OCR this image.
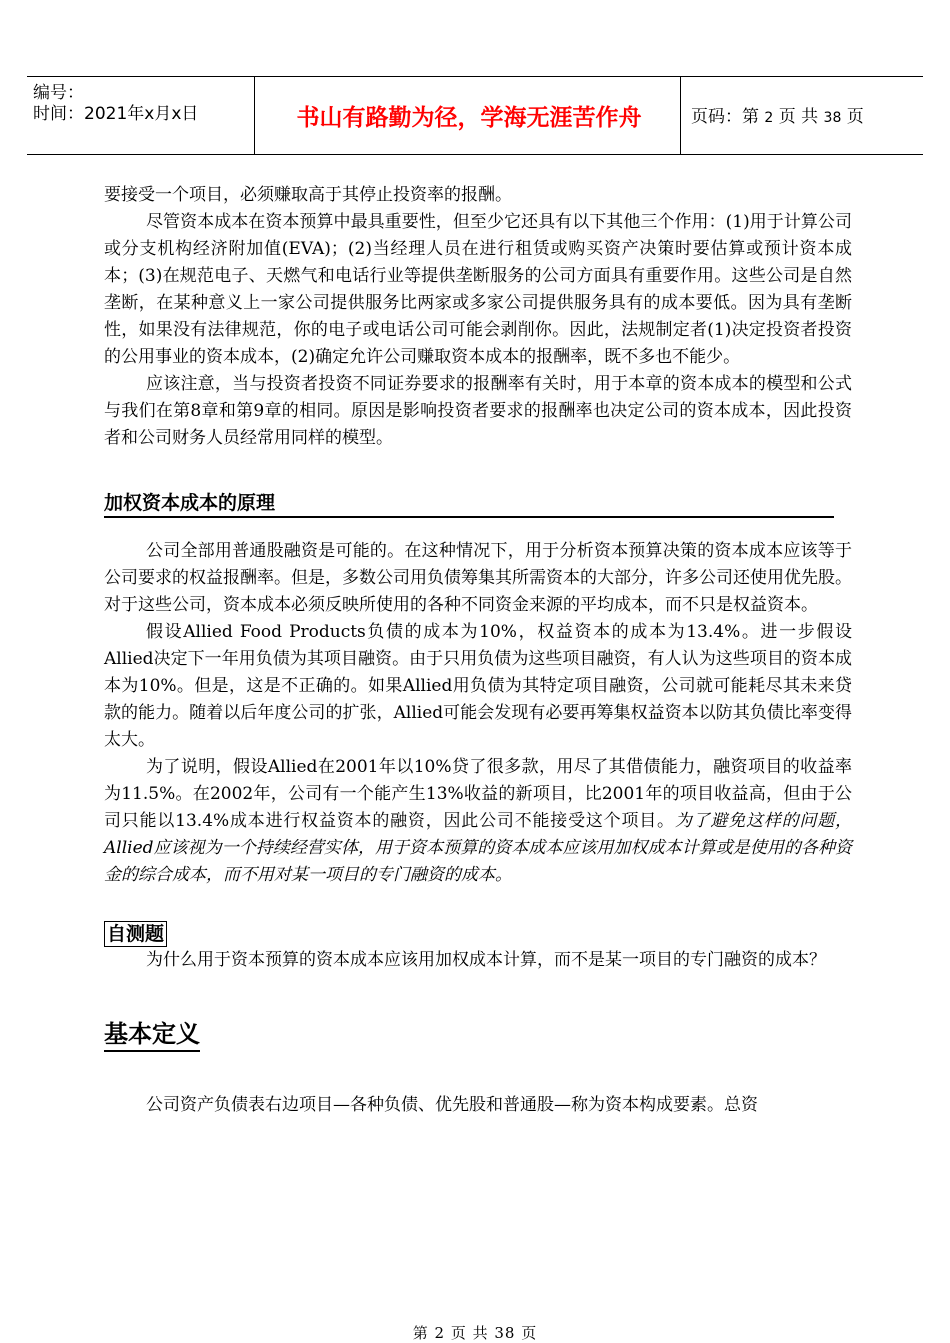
编号：
时间：2021年x月x日	书山有路勤为径，学海无涯苦作舟	页码：第 2 页 共 38 页

要接受一个项目，必须赚取高于其停止投资率的报酬。

尽管资本成本在资本预算中最具重要性，但至少它还具有以下其他三个作用：(1)用于计算公司或分支机构经济附加值(EVA)；(2)当经理人员在进行租赁或购买资产决策时要估算或预计资本成本；(3)在规范电子、天燃气和电话行业等提供垄断服务的公司方面具有重要作用。这些公司是自然垄断，在某种意义上一家公司提供服务比两家或多家公司提供服务具有的成本要低。因为具有垄断性，如果没有法律规范，你的电子或电话公司可能会剥削你。因此，法规制定者(1)决定投资者投资的公用事业的资本成本，(2)确定允许公司赚取资本成本的报酬率，既不多也不能少。

应该注意，当与投资者投资不同证券要求的报酬率有关时，用于本章的资本成本的模型和公式与我们在第8章和第9章的相同。原因是影响投资者要求的报酬率也决定公司的资本成本，因此投资者和公司财务人员经常用同样的模型。

加权资本成本的原理

公司全部用普通股融资是可能的。在这种情况下，用于分析资本预算决策的资本成本应该等于公司要求的权益报酬率。但是，多数公司用负债筹集其所需资本的大部分，许多公司还使用优先股。对于这些公司，资本成本必须反映所使用的各种不同资金来源的平均成本，而不只是权益资本。

假设Allied Food Products负债的成本为10%，权益资本的成本为13.4%。进一步假设Allied决定下一年用负债为其项目融资。由于只用负债为这些项目融资，有人认为这些项目的资本成本为10%。但是，这是不正确的。如果Allied用负债为其特定项目融资，公司就可能耗尽其未来贷款的能力。随着以后年度公司的扩张，Allied可能会发现有必要再筹集权益资本以防其负债比率变得太大。

为了说明，假设Allied在2001年以10%贷了很多款，用尽了其借债能力，融资项目的收益率为11.5%。在2002年，公司有一个能产生13%收益的新项目，比2001年的项目收益高，但由于公司只能以13.4%成本进行权益资本的融资，因此公司不能接受这个项目。为了避免这样的问题，Allied应该视为一个持续经营实体，用于资本预算的资本成本应该用加权成本计算或是使用的各种资金的综合成本，而不用对某一项目的专门融资的成本。

自测题

为什么用于资本预算的资本成本应该用加权成本计算，而不是某一项目的专门融资的成本？

基本定义

公司资产负债表右边项目—各种负债、优先股和普通股—称为资本构成要素。总资

第 2 页 共 38 页
